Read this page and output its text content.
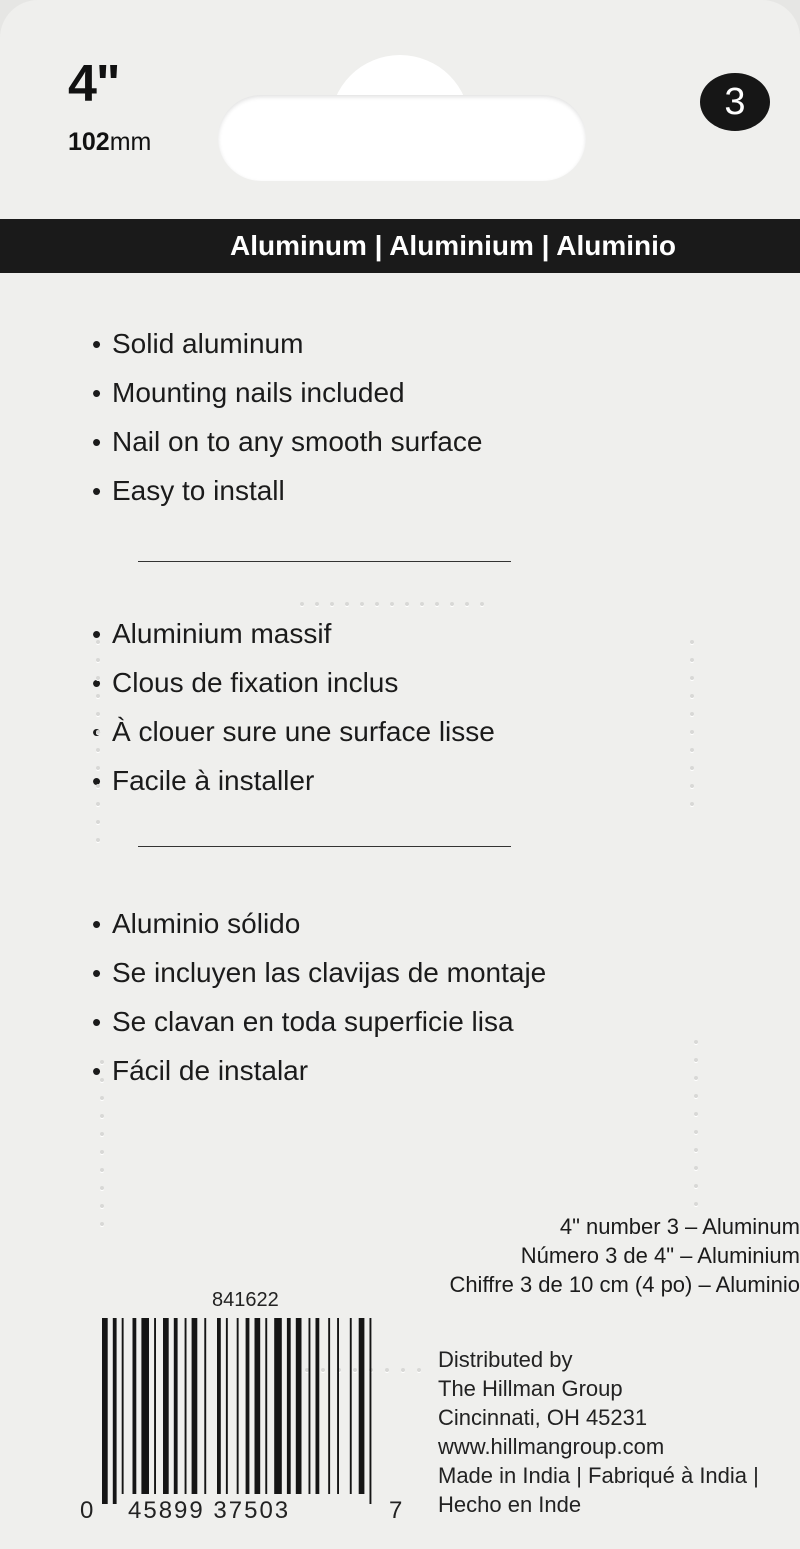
4"
102mm
3
Aluminum | Aluminium | Aluminio
• Solid aluminum
• Mounting nails included
• Nail on to any smooth surface
• Easy to install
• Aluminium massif
• Clous de fixation inclus
• À clouer sure une surface lisse
• Facile à installer
• Aluminio sólido
• Se incluyen las clavijas de montaje
• Se clavan en toda superficie lisa
• Fácil de instalar
4" number 3 – Aluminum
Número 3 de 4" – Aluminium
Chiffre 3 de 10 cm (4 po) – Aluminio
841622
0 45899 37503	7
Distributed by
The Hillman Group
Cincinnati, OH 45231
www.hillmangroup.com
Made in India | Fabriqué à India |
Hecho en Inde
